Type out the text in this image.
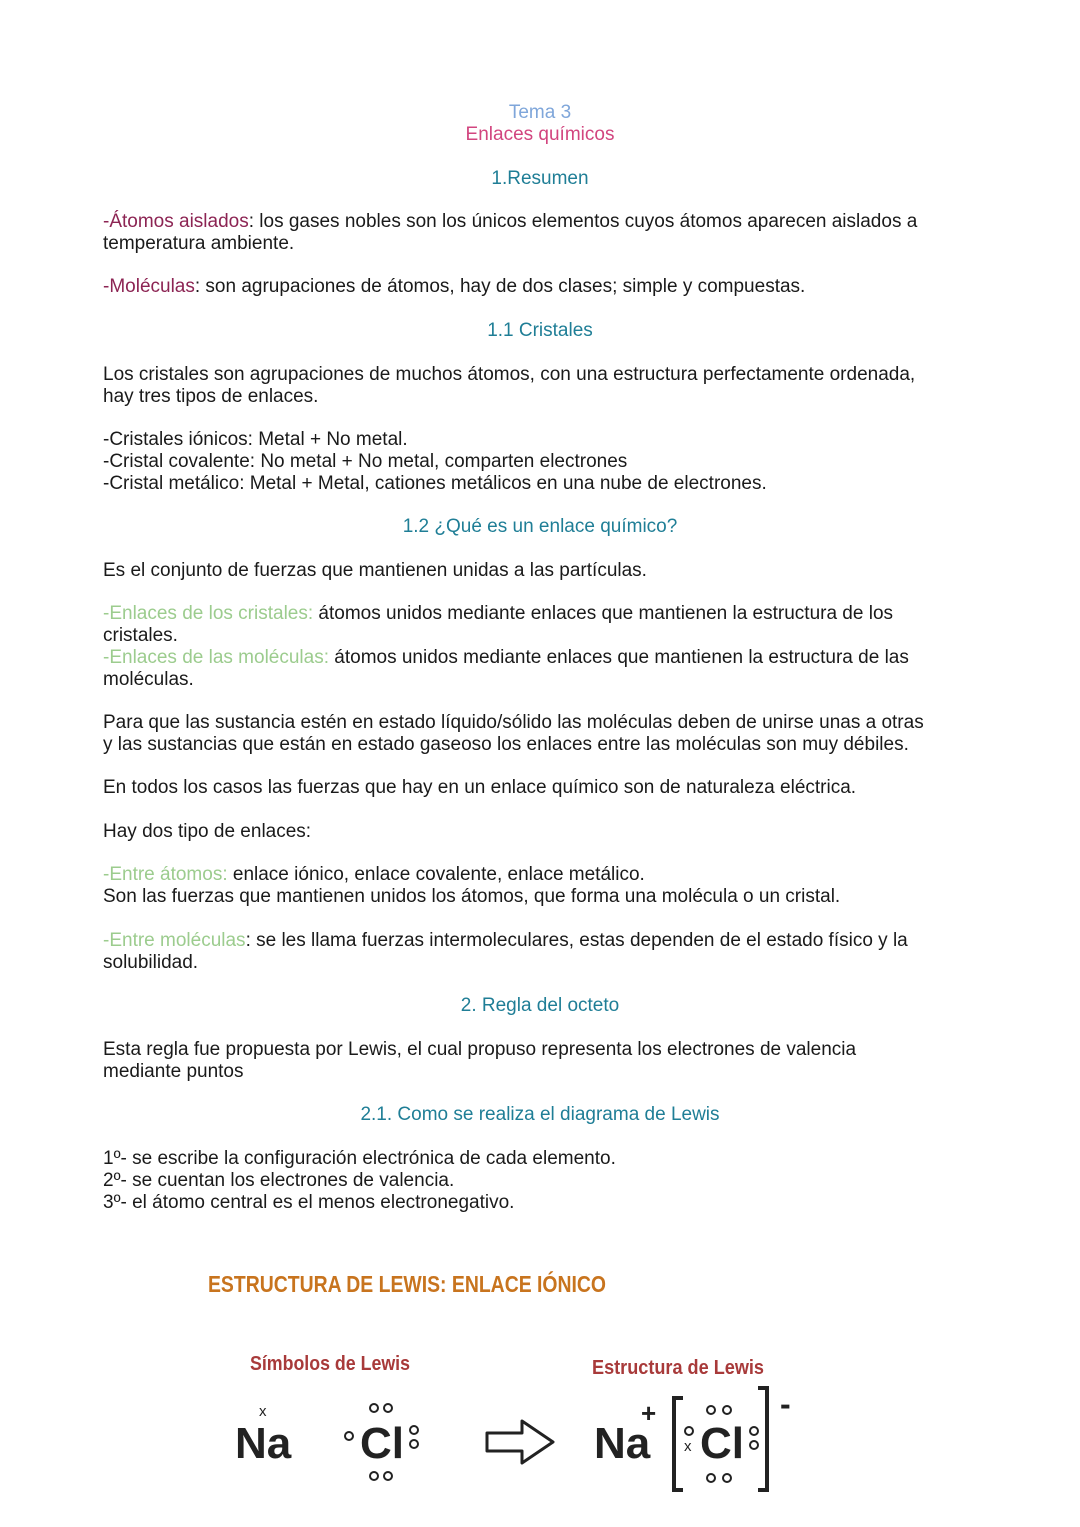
Tema 3
Enlaces químicos
1.Resumen
-Átomos aislados: los gases nobles son los únicos elementos cuyos átomos aparecen aislados a
temperatura ambiente.
-Moléculas: son agrupaciones de átomos, hay de dos clases; simple y compuestas.
1.1 Cristales
Los cristales son agrupaciones de muchos átomos, con una estructura perfectamente ordenada,
hay tres tipos de enlaces.
-Cristales iónicos: Metal + No metal.
-Cristal covalente: No metal + No metal, comparten electrones
-Cristal metálico: Metal + Metal, cationes metálicos en una nube de electrones.
1.2 ¿Qué es un enlace químico?
Es el conjunto de fuerzas que mantienen unidas a las partículas.
-Enlaces de los cristales: átomos unidos mediante enlaces que mantienen la estructura de los
cristales.
-Enlaces de las moléculas: átomos unidos mediante enlaces que mantienen la estructura de las
moléculas.
Para que las sustancia estén en estado líquido/sólido las moléculas deben de unirse unas a otras
y las sustancias que están en estado gaseoso los enlaces entre las moléculas son muy débiles.
En todos los casos las fuerzas que hay en un enlace químico son de naturaleza eléctrica.
Hay dos tipo de enlaces:
-Entre átomos: enlace iónico, enlace covalente, enlace metálico.
Son las fuerzas que mantienen unidos los átomos, que forma una molécula o un cristal.
-Entre moléculas: se les llama fuerzas intermoleculares, estas dependen de el estado físico y la
solubilidad.
2. Regla del octeto
Esta regla fue propuesta por Lewis, el cual propuso representa los electrones de valencia
mediante puntos
2.1. Como se realiza el diagrama de Lewis
1º- se escribe la configuración electrónica de cada elemento.
2º- se cuentan los electrones de valencia.
3º- el átomo central es el menos electronegativo.
ESTRUCTURA DE LEWIS: ENLACE IÓNICO
Símbolos de Lewis	Estructura de Lewis
x
Na Cl	Na
+
Cl
x
-
